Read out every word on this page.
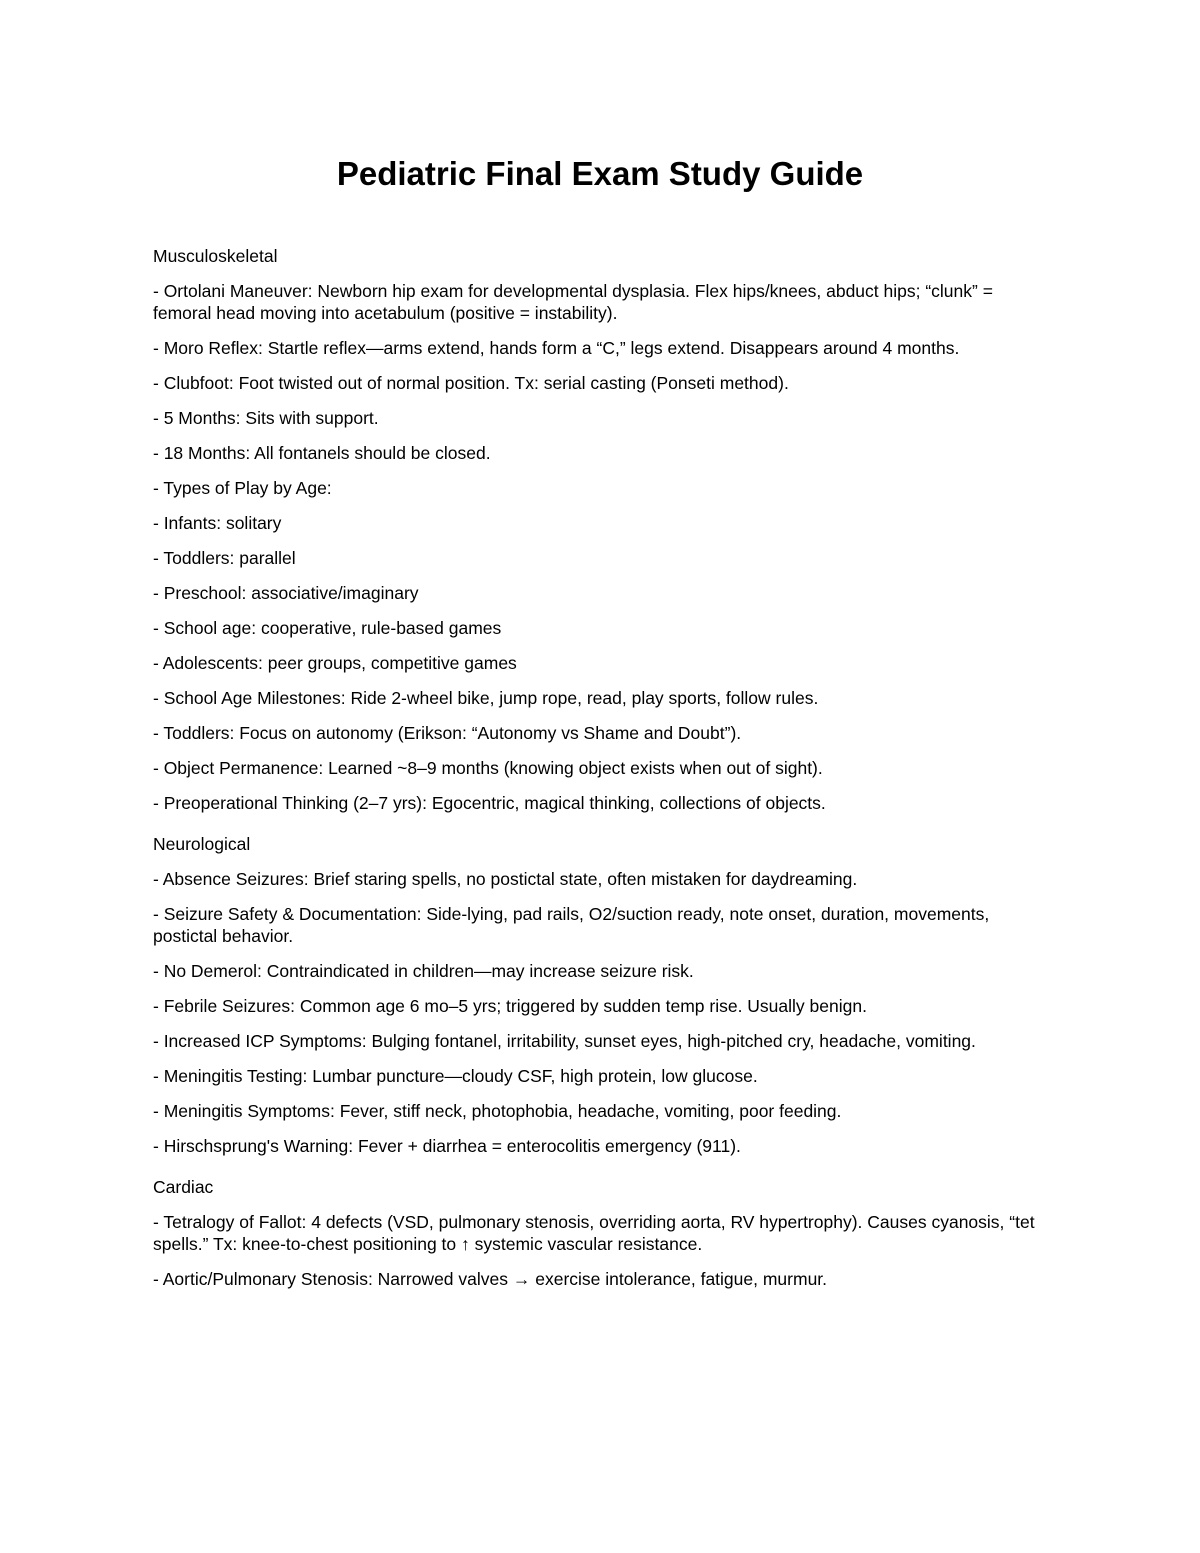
Pediatric Final Exam Study Guide

Musculoskeletal

- Ortolani Maneuver: Newborn hip exam for developmental dysplasia. Flex hips/knees, abduct hips; “clunk” = femoral head moving into acetabulum (positive = instability).

- Moro Reflex: Startle reflex—arms extend, hands form a “C,” legs extend. Disappears around 4 months.

- Clubfoot: Foot twisted out of normal position. Tx: serial casting (Ponseti method).

- 5 Months: Sits with support.

- 18 Months: All fontanels should be closed.

- Types of Play by Age:

- Infants: solitary

- Toddlers: parallel

- Preschool: associative/imaginary

- School age: cooperative, rule-based games

- Adolescents: peer groups, competitive games

- School Age Milestones: Ride 2-wheel bike, jump rope, read, play sports, follow rules.

- Toddlers: Focus on autonomy (Erikson: “Autonomy vs Shame and Doubt”).

- Object Permanence: Learned ~8–9 months (knowing object exists when out of sight).

- Preoperational Thinking (2–7 yrs): Egocentric, magical thinking, collections of objects.

Neurological

- Absence Seizures: Brief staring spells, no postictal state, often mistaken for daydreaming.

- Seizure Safety & Documentation: Side-lying, pad rails, O2/suction ready, note onset, duration, movements, postictal behavior.

- No Demerol: Contraindicated in children—may increase seizure risk.

- Febrile Seizures: Common age 6 mo–5 yrs; triggered by sudden temp rise. Usually benign.

- Increased ICP Symptoms: Bulging fontanel, irritability, sunset eyes, high-pitched cry, headache, vomiting.

- Meningitis Testing: Lumbar puncture—cloudy CSF, high protein, low glucose.

- Meningitis Symptoms: Fever, stiff neck, photophobia, headache, vomiting, poor feeding.

- Hirschsprung's Warning: Fever + diarrhea = enterocolitis emergency (911).

Cardiac

- Tetralogy of Fallot: 4 defects (VSD, pulmonary stenosis, overriding aorta, RV hypertrophy). Causes cyanosis, “tet spells.” Tx: knee-to-chest positioning to ↑ systemic vascular resistance.

- Aortic/Pulmonary Stenosis: Narrowed valves → exercise intolerance, fatigue, murmur.
